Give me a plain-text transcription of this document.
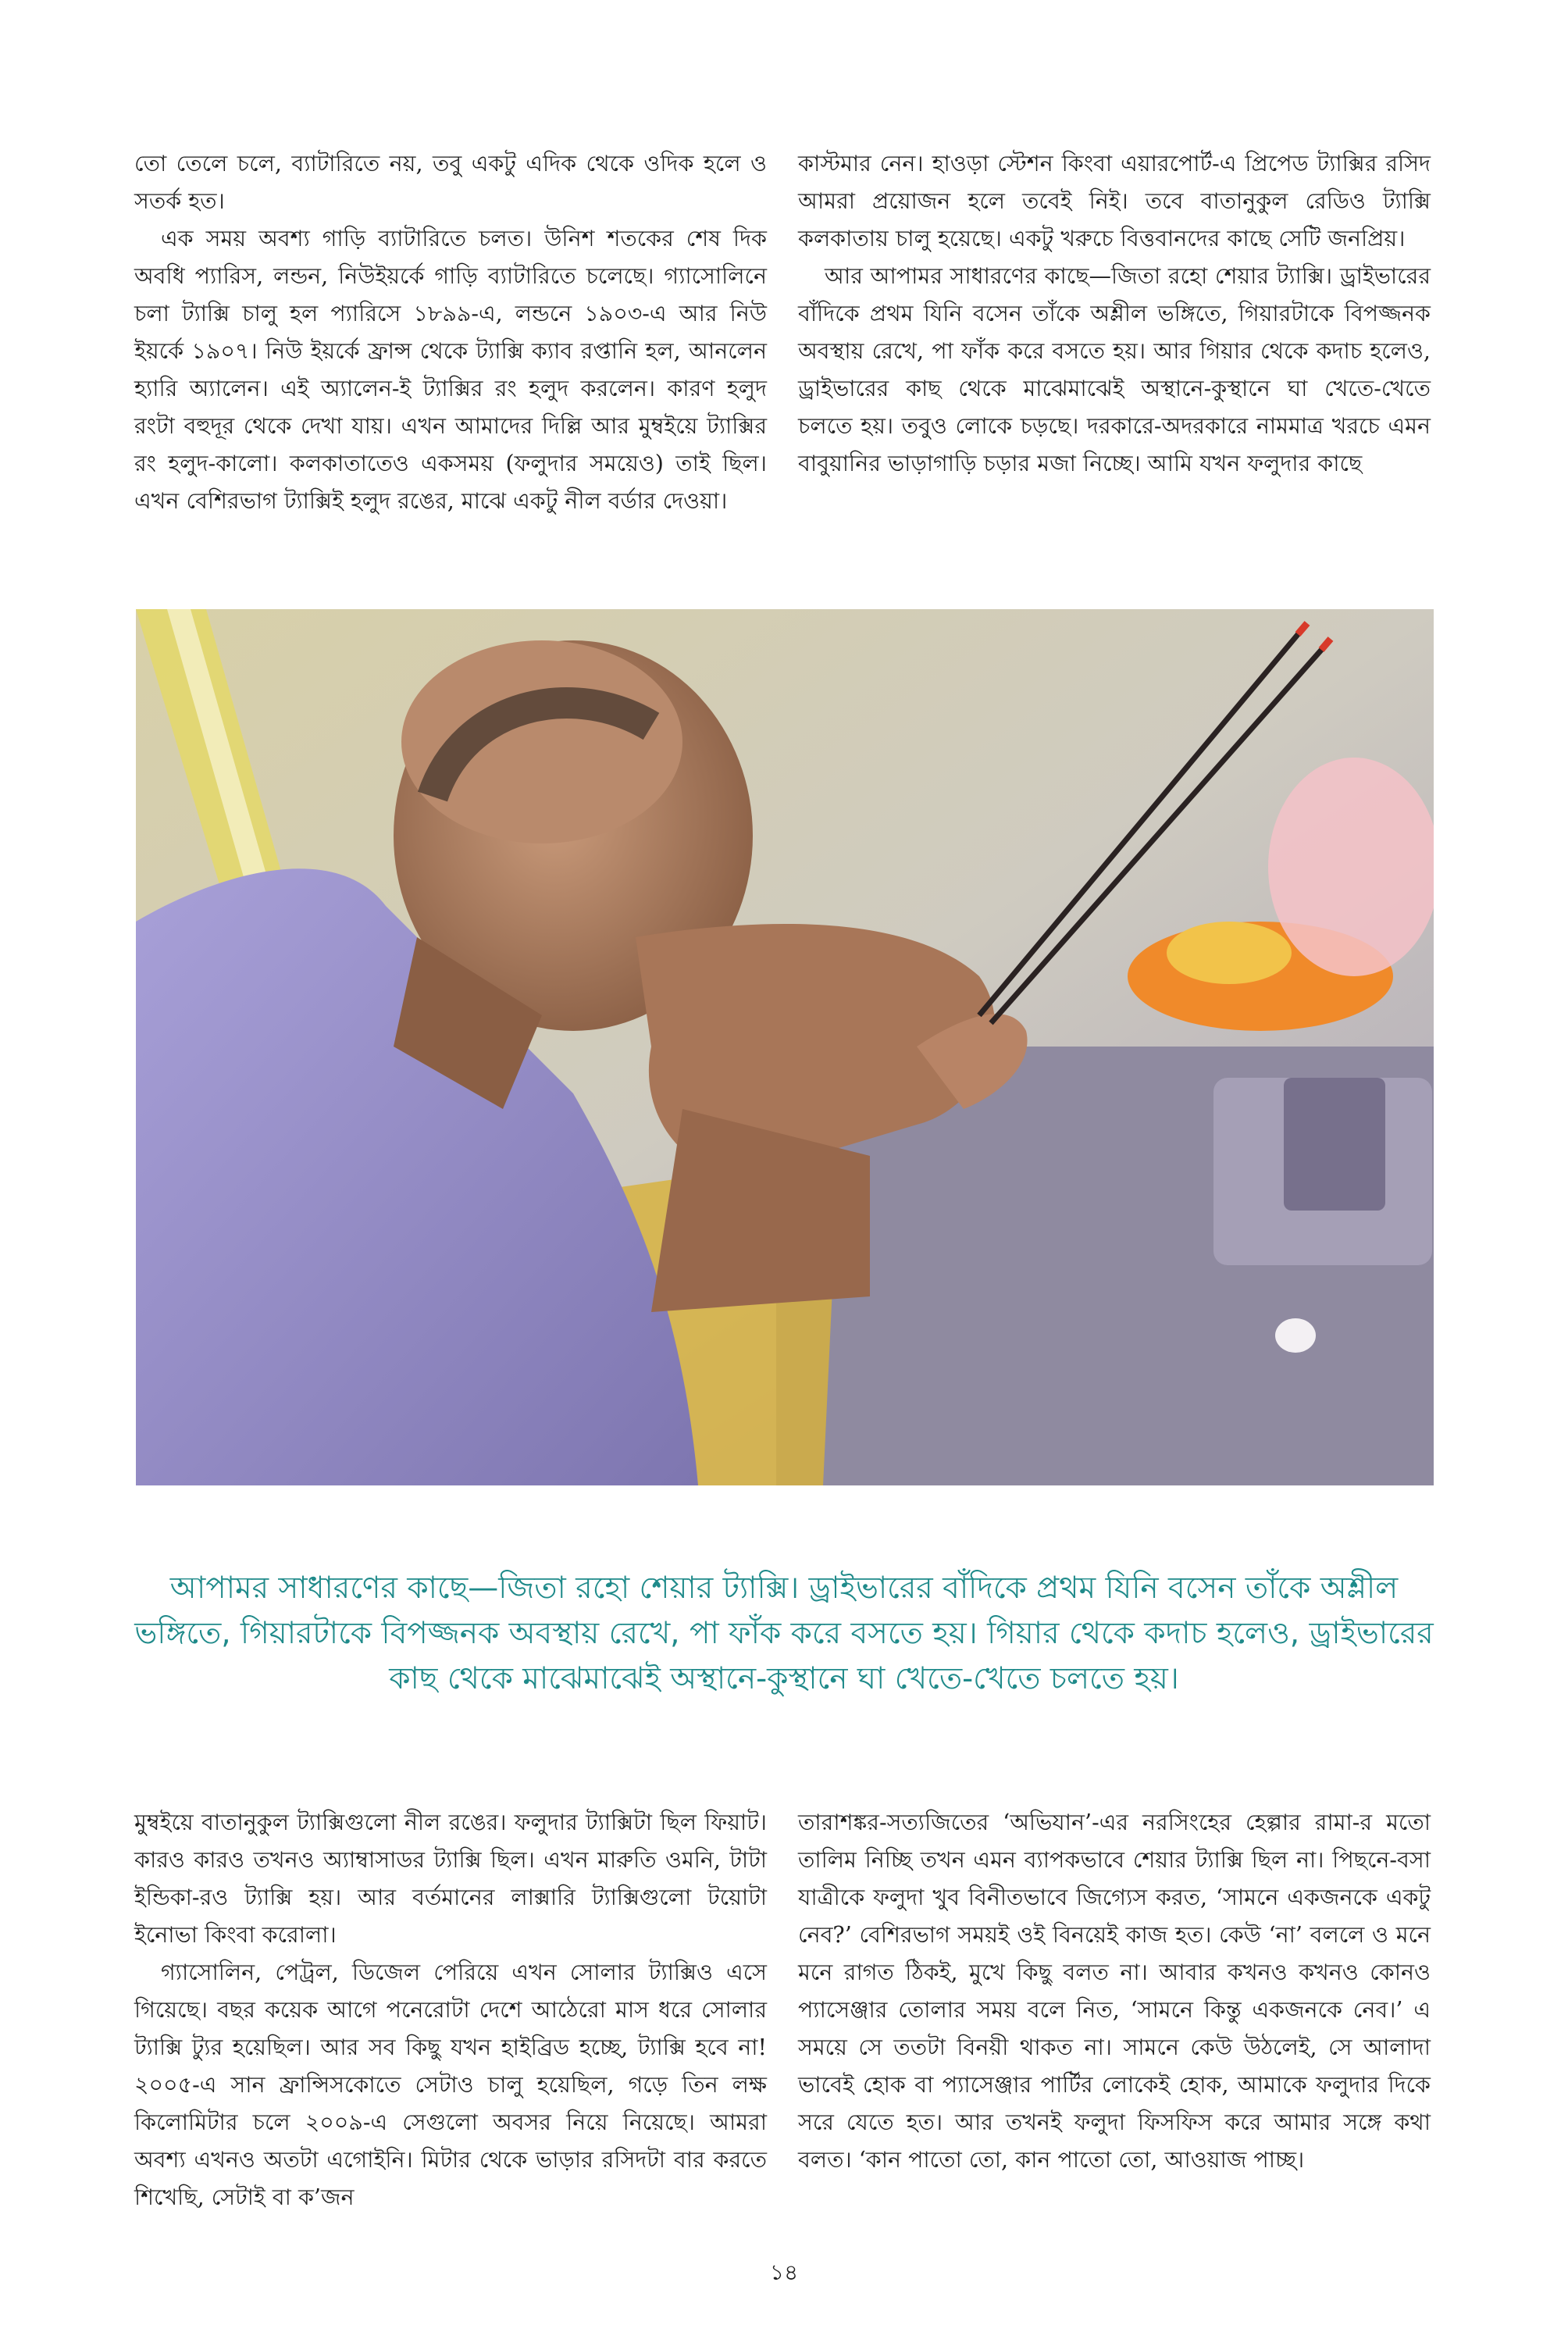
তো তেলে চলে, ব্যাটারিতে নয়, তবু একটু এদিক থেকে ওদিক হলে ও সতর্ক হত।

এক সময় অবশ্য গাড়ি ব্যাটারিতে চলত। উনিশ শতকের শেষ দিক অবধি প্যারিস, লন্ডন, নিউইয়র্কে গাড়ি ব্যাটারিতে চলেছে। গ্যাসোলিনে চলা ট্যাক্সি চালু হল প্যারিসে ১৮৯৯-এ, লন্ডনে ১৯০৩-এ আর নিউ ইয়র্কে ১৯০৭। নিউ ইয়র্কে ফ্রান্স থেকে ট্যাক্সি ক্যাব রপ্তানি হল, আনলেন হ্যারি অ্যালেন। এই অ্যালেন-ই ট্যাক্সির রং হলুদ করলেন। কারণ হলুদ রংটা বহুদূর থেকে দেখা যায়। এখন আমাদের দিল্লি আর মুম্বইয়ে ট্যাক্সির রং হলুদ-কালো। কলকাতাতেও একসময় (ফলুদার সময়েও) তাই ছিল। এখন বেশিরভাগ ট্যাক্সিই হলুদ রঙের, মাঝে একটু নীল বর্ডার দেওয়া।

কাস্টমার নেন। হাওড়া স্টেশন কিংবা এয়ারপোর্ট-এ প্রিপেড ট্যাক্সির রসিদ আমরা প্রয়োজন হলে তবেই নিই। তবে বাতানুকুল রেডিও ট্যাক্সি কলকাতায় চালু হয়েছে। একটু খরুচে বিত্তবানদের কাছে সেটি জনপ্রিয়।

আর আপামর সাধারণের কাছে—জিতা রহো শেয়ার ট্যাক্সি। ড্রাইভারের বাঁদিকে প্রথম যিনি বসেন তাঁকে অশ্লীল ভঙ্গিতে, গিয়ারটাকে বিপজ্জনক অবস্থায় রেখে, পা ফাঁক করে বসতে হয়। আর গিয়ার থেকে কদাচ হলেও, ড্রাইভারের কাছ থেকে মাঝেমাঝেই অস্থানে-কুস্থানে ঘা খেতে-খেতে চলতে হয়। তবুও লোকে চড়ছে। দরকারে-অদরকারে নামমাত্র খরচে এমন বাবুয়ানির ভাড়াগাড়ি চড়ার মজা নিচ্ছে। আমি যখন ফলুদার কাছে

আপামর সাধারণের কাছে—জিতা রহো শেয়ার ট্যাক্সি। ড্রাইভারের বাঁদিকে প্রথম যিনি বসেন তাঁকে অশ্লীল ভঙ্গিতে, গিয়ারটাকে বিপজ্জনক অবস্থায় রেখে, পা ফাঁক করে বসতে হয়। গিয়ার থেকে কদাচ হলেও, ড্রাইভারের কাছ থেকে মাঝেমাঝেই অস্থানে-কুস্থানে ঘা খেতে-খেতে চলতে হয়।

মুম্বইয়ে বাতানুকুল ট্যাক্সিগুলো নীল রঙের। ফলুদার ট্যাক্সিটা ছিল ফিয়াট। কারও কারও তখনও অ্যাম্বাসাডর ট্যাক্সি ছিল। এখন মারুতি ওমনি, টাটা ইন্ডিকা-রও ট্যাক্সি হয়। আর বর্তমানের লাক্সারি ট্যাক্সিগুলো টয়োটা ইনোভা কিংবা করোলা।

গ্যাসোলিন, পেট্রল, ডিজেল পেরিয়ে এখন সোলার ট্যাক্সিও এসে গিয়েছে। বছর কয়েক আগে পনেরোটা দেশে আঠেরো মাস ধরে সোলার ট্যাক্সি ট্যুর হয়েছিল। আর সব কিছু যখন হাইব্রিড হচ্ছে, ট্যাক্সি হবে না! ২০০৫-এ সান ফ্রান্সিসকোতে সেটাও চালু হয়েছিল, গড়ে তিন লক্ষ কিলোমিটার চলে ২০০৯-এ সেগুলো অবসর নিয়ে নিয়েছে। আমরা অবশ্য এখনও অতটা এগোইনি। মিটার থেকে ভাড়ার রসিদটা বার করতে শিখেছি, সেটাই বা ক’জন

তারাশঙ্কর-সত্যজিতের ‘অভিযান’-এর নরসিংহের হেল্পার রামা-র মতো তালিম নিচ্ছি তখন এমন ব্যাপকভাবে শেয়ার ট্যাক্সি ছিল না। পিছনে-বসা যাত্রীকে ফলুদা খুব বিনীতভাবে জিগ্যেস করত, ‘সামনে একজনকে একটু নেব?’ বেশিরভাগ সময়ই ওই বিনয়েই কাজ হত। কেউ ‘না’ বললে ও মনে মনে রাগত ঠিকই, মুখে কিছু বলত না। আবার কখনও কখনও কোনও প্যাসেঞ্জার তোলার সময় বলে নিত, ‘সামনে কিন্তু একজনকে নেব।’ এ সময়ে সে ততটা বিনয়ী থাকত না। সামনে কেউ উঠলেই, সে আলাদা ভাবেই হোক বা প্যাসেঞ্জার পার্টির লোকেই হোক, আমাকে ফলুদার দিকে সরে যেতে হত। আর তখনই ফলুদা ফিসফিস করে আমার সঙ্গে কথা বলত। ‘কান পাতো তো, কান পাতো তো, আওয়াজ পাচ্ছ।

১৪
